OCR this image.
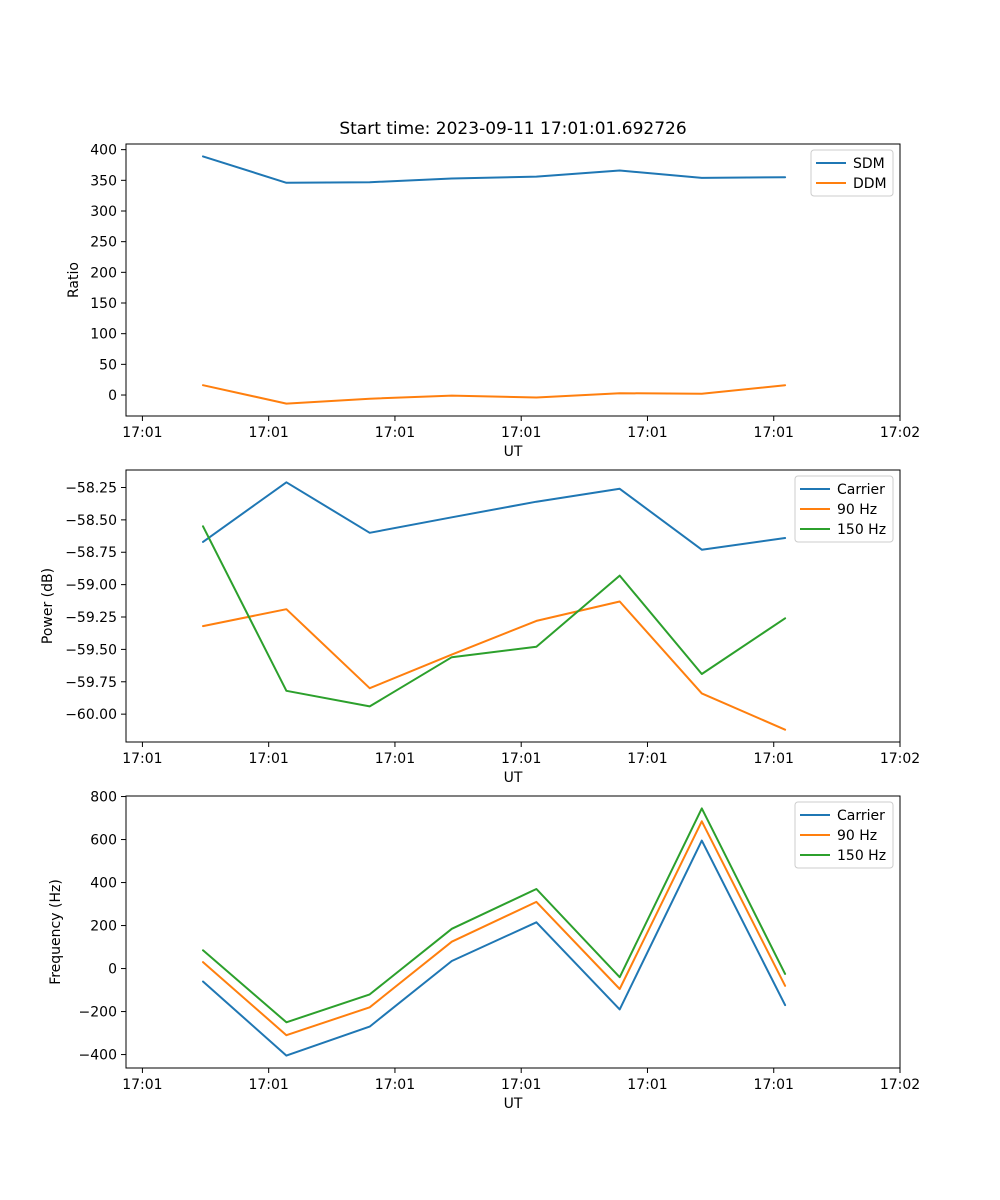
Start time: 2023-09-11 17:01:01.692726
17:01	17:01	17:01	17:01	17:01	17:01	17:02
0
50
100
150
200
250
300
350
400
UT
Ratio
SDM
DDM
17:01	17:01	17:01	17:01	17:01	17:01	17:02
−60.00
−59.75
−59.50
−59.25
−59.00
−58.75
−58.50
−58.25
UT
Power (dB)
Carrier
90 Hz
150 Hz
17:01	17:01	17:01	17:01	17:01	17:01	17:02
−400
−200
0
200
400
600
800
UT
Frequency (Hz)
Carrier
90 Hz
150 Hz
